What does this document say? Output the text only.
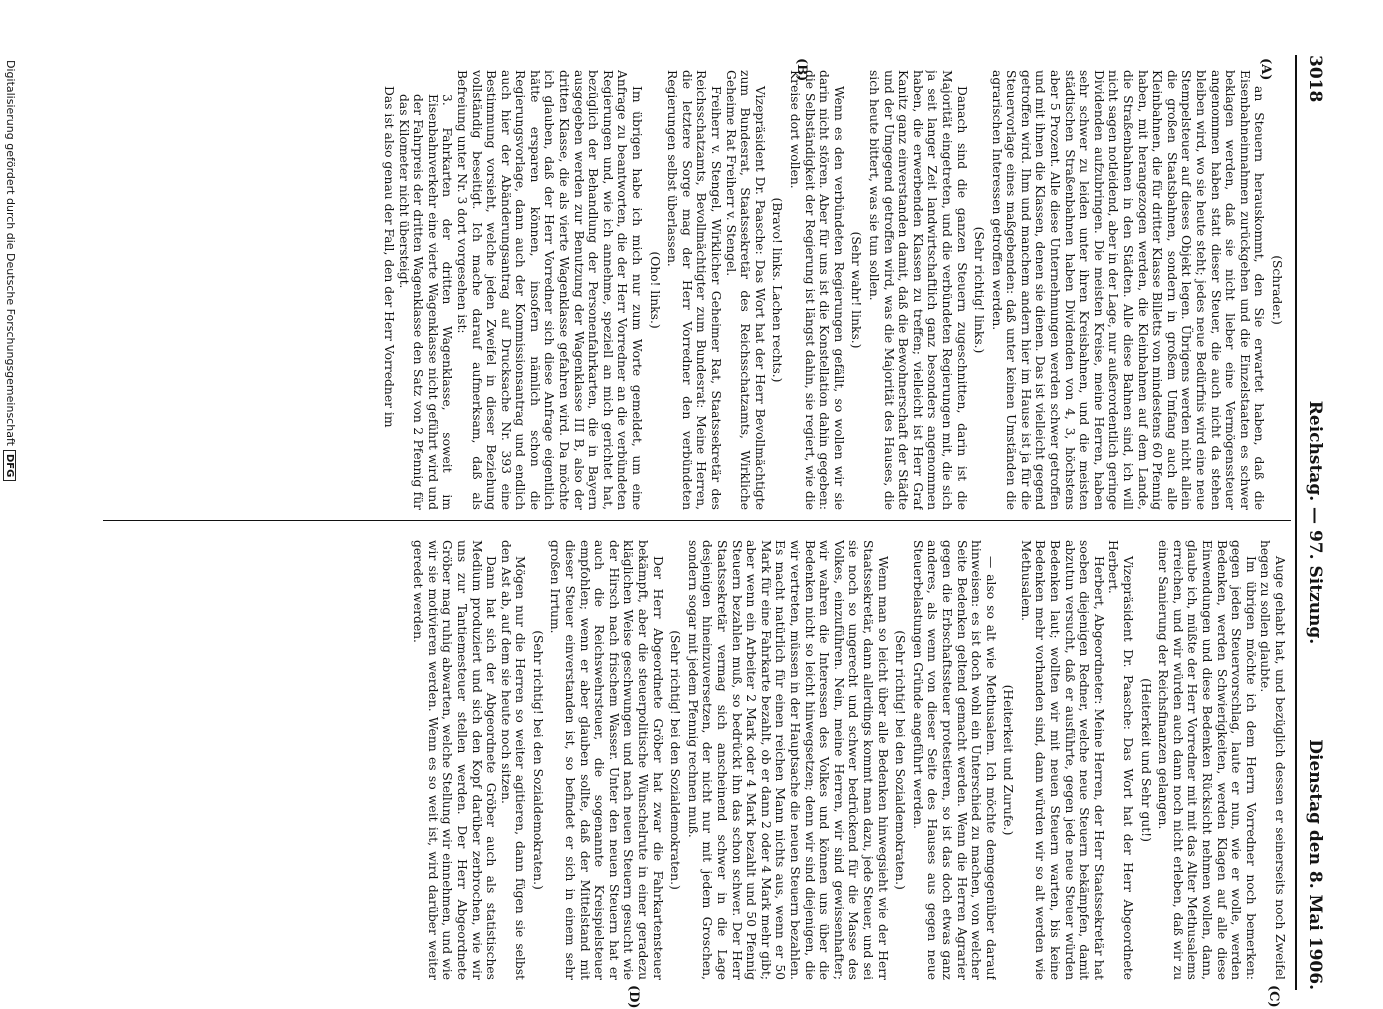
3018
Reichstag. — 97. Sitzung.
Dienstag den 8. Mai 1906.
(A)
(B)
(C)
(D)

(Schrader.)

an Steuern herauskommt, den Sie erwartet haben, daß die Eisenbahneinnahmen zurückgehen und die Einzelstaaten es schwer beklagen werden, daß sie nicht lieber eine Vermögenssteuer angenommen haben statt dieser Steuer, die auch nicht da stehen bleiben wird, wo sie heute steht; jedes neue Bedürfnis wird eine neue Stempelsteuer auf dieses Objekt legen. Übrigens werden nicht allein die großen Staatsbahnen, sondern in großem Umfang auch alle Kleinbahnen, die für dritter Klasse Billetts von mindestens 60 Pfennig haben, mit herangezogen werden, die Kleinbahnen auf dem Lande, die Straßenbahnen in den Städten. Alle diese Bahnen sind, ich will nicht sagen notleidend, aber in der Lage, nur außerordentlich geringe Dividenden aufzubringen. Die meisten Kreise, meine Herren, haben sehr schwer zu leiden unter ihren Kreisbahnen, und die meisten städtischen Straßenbahnen haben Dividenden von 4, 3, höchstens aber 5 Prozent. Alle diese Unternehmungen werden schwer getroffen und mit ihnen die Klassen, denen sie dienen. Das ist vielleicht gegend getroffen wird. Ihm und manchem andern hier im Hause ist ja für die Steuervorlage eines maßgebenden: daß unter keinen Umständen die agrarischen Interessen getroffen werden.

(Sehr richtig! links.)

Danach sind die ganzen Steuern zugeschnitten, darin ist die Majorität eingetreten, und die verbündeten Regierungen mit, die sich ja seit langer Zeit landwirtschaftlich ganz besonders angenommen haben, die erwerbenden Klassen zu treffen; vielleicht ist Herr Graf Kanitz ganz einverstanden damit, daß die Bewohnerschaft der Städte und der Umgegend getroffen wird, was die Majorität des Hauses, die sich heute bittert, was sie tun sollen.

(Sehr wahr! links.)

Wenn es den verbündeten Regierungen gefällt, so wollen wir sie darin nicht stören. Aber für uns ist die Konstellation dahin gegeben: die Selbständigkeit der Regierung ist längst dahin, sie regiert, wie die Kreise dort wollen.

(Bravo! links. Lachen rechts.)

Vizepräsident Dr. Paasche: Das Wort hat der Herr Bevollmächtigte zum Bundesrat, Staatssekretär des Reichsschatzamts, Wirkliche Geheime Rat Freiherr v. Stengel.

Freiherr v. Stengel, Wirklicher Geheimer Rat, Staatssekretär des Reichsschatzamts, Bevollmächtigter zum Bundesrat: Meine Herren, die letztere Sorge mag der Herr Vorredner den verbündeten Regierungen selbst überlassen.

(Oho! links.)

Im übrigen habe ich mich nur zum Worte gemeldet, um eine Anfrage zu beantworten, die der Herr Vorredner an die verbündeten Regierungen und, wie ich annehme, speziell an mich gerichtet hat, bezüglich der Behandlung der Personenfahrkarten, die in Bayern ausgegeben werden zur Benutzung der Wagenklasse III B, also der dritten Klasse, die als vierte Wagenklasse gefahren wird. Da möchte ich glauben, daß der Herr Vorredner sich diese Anfrage eigentlich hätte ersparen können, insofern nämlich schon die Regierungsvorlage, dann auch der Kommissionsantrag und endlich auch hier der Abänderungsantrag auf Drucksache Nr. 393 eine Bestimmung vorsieht, welche jeden Zweifel in dieser Beziehung vollständig beseitigt. Ich mache darauf aufmerksam, daß als Befreiung unter Nr. 3 dort vorgesehen ist:

3. Fahrkarten der dritten Wagenklasse, soweit im Eisenbahnverkehr eine vierte Wagenklasse nicht geführt wird und der Fahrpreis der dritten Wagenklasse den Satz von 2 Pfennig für das Kilometer nicht übersteigt.

Das ist also genau der Fall, den der Herr Vorredner im

Auge gehabt hat, und bezüglich dessen er seinerseits noch Zweifel hegen zu sollen glaubte.

Im übrigen möchte ich dem Herrn Vorredner noch bemerken: gegen jeden Steuervorschlag, laute er nun, wie er wolle, werden Bedenken, werden Schwierigkeiten, werden Klagen auf alle diese Einwendungen und diese Bedenken Rücksicht nehmen wollen, dann, glaube ich, müßte der Herr Vorredner mit mit das Alter Methusalems erreichen, und wir würden auch dann noch nicht erleben, daß wir zu einer Sanierung der Reichsfinanzen gelangen.

(Heiterkeit und Sehr gut!)

Vizepräsident Dr. Paasche: Das Wort hat der Herr Abgeordnete Herbert.

Herbert, Abgeordneter: Meine Herren, der Herr Staatssekretär hat soeben diejenigen Redner, welche neue Steuern bekämpfen, damit abzutun versucht, daß er ausführte, gegen jede neue Steuer würden Bedenken laut; wollten wir mit neuen Steuern warten, bis keine Bedenken mehr vorhanden sind, dann würden wir so alt werden wie Methusalem.

(Heiterkeit und Zurufe.)

— also so alt wie Methusalem. Ich möchte demgegenüber darauf hinweisen: es ist doch wohl ein Unterschied zu machen, von welcher Seite Bedenken geltend gemacht werden. Wenn die Herren Agrarier gegen die Erbschaftssteuer protestieren, so ist das doch etwas ganz anderes, als wenn von dieser Seite des Hauses aus gegen neue Steuerbelastungen Gründe angeführt werden.

(Sehr richtig! bei den Sozialdemokraten.)

Wenn man so leicht über alle Bedenken hinwegsieht wie der Herr Staatssekretär, dann allerdings kommt man dazu, jede Steuer, und sei sie noch so ungerecht und schwer bedrückend für die Masse des Volkes, einzuführen. Nein, meine Herren, wir sind gewissenhafter; wir wahren die Interessen des Volkes und können uns über die Bedenken nicht so leicht hinwegsetzen; denn wir sind diejenigen, die wir vertreten, müssen in der Hauptsache die neuen Steuern bezahlen. Es macht natürlich für einen reichen Mann nichts aus, wenn er 50 Mark für eine Fahrkarte bezahlt, ob er dann 2 oder 4 Mark mehr gibt; aber wenn ein Arbeiter 2 Mark oder 4 Mark bezahlt und 50 Pfennig Steuern bezahlen muß, so bedrückt ihn das schon schwer. Der Herr Staatssekretär vermag sich anscheinend schwer in die Lage desjenigen hineinzuversetzen, der nicht nur mit jedem Groschen, sondern sogar mit jedem Pfennig rechnen muß.

(Sehr richtig! bei den Sozialdemokraten.)

Der Herr Abgeordnete Gröber hat zwar die Fahrkartensteuer bekämpft, aber die steuerpolitische Wünschelrute in einer geradezu kläglichen Weise geschwungen und nach neuen Steuern gesucht wie der Hirsch nach frischem Wasser. Unter den neuen Steuern hat er auch die Reichswehrsteuer, die sogenannte Kreispielsteuer empfohlen; wenn er aber glauben sollte, daß der Mittelstand mit dieser Steuer einverstanden ist, so befindet er sich in einem sehr großen Irrtum.

(Sehr richtig! bei den Sozialdemokraten.)

Mögen nur die Herren so weiter agitieren, dann fügen sie selbst den Ast ab, auf dem sie heute noch sitzen.

Dann hat sich der Abgeordnete Gröber auch als statistisches Medium produziert und sich den Kopf darüber zerbrochen, wie wir uns zur Tantiemesteuer stellen werden. Der Herr Abgeordnete Gröber mag ruhig abwarten, welche Stellung wir einnehmen, und wie wir sie motivieren werden. Wenn es so weit ist, wird darüber weiter geredet werden.

Digitalisierung gefördert durch die Deutsche ForschungsgemeinschaftDFG
